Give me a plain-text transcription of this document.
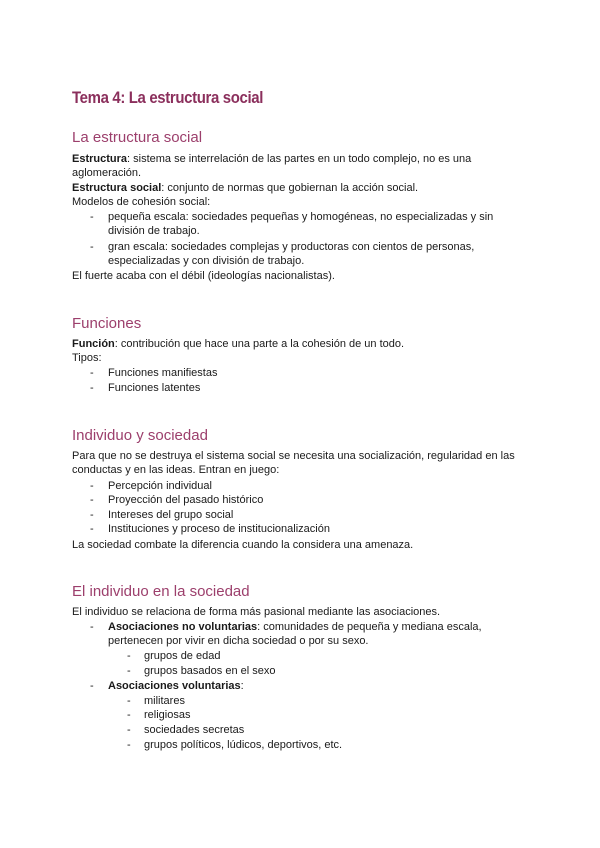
Tema 4: La estructura social
La estructura social
Estructura: sistema se interrelación de las partes en un todo complejo, no es una
aglomeración.
Estructura social: conjunto de normas que gobiernan la acción social.
Modelos de cohesión social:
- pequeña escala: sociedades pequeñas y homogéneas, no especializadas y sin
división de trabajo.
- gran escala: sociedades complejas y productoras con cientos de personas,
especializadas y con división de trabajo.
El fuerte acaba con el débil (ideologías nacionalistas).
Funciones
Función: contribución que hace una parte a la cohesión de un todo.
Tipos:
- Funciones manifiestas
- Funciones latentes
Individuo y sociedad
Para que no se destruya el sistema social se necesita una socialización, regularidad en las
conductas y en las ideas. Entran en juego:
- Percepción individual
- Proyección del pasado histórico
- Intereses del grupo social
- Instituciones y proceso de institucionalización
La sociedad combate la diferencia cuando la considera una amenaza.
El individuo en la sociedad
El individuo se relaciona de forma más pasional mediante las asociaciones.
- Asociaciones no voluntarias: comunidades de pequeña y mediana escala,
pertenecen por vivir en dicha sociedad o por su sexo.
- grupos de edad
- grupos basados en el sexo
- Asociaciones voluntarias:
- militares
- religiosas
- sociedades secretas
- grupos políticos, lúdicos, deportivos, etc.
